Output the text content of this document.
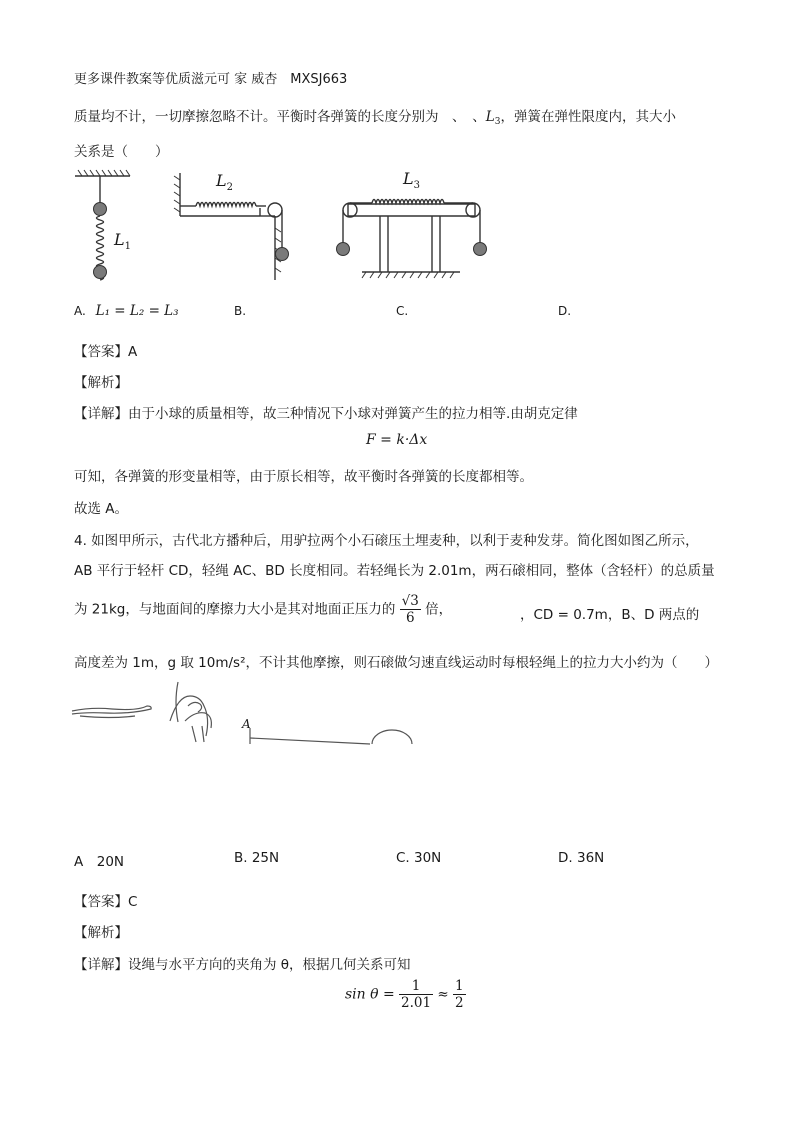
更多课件教案等优质滋元可 家 威杏　MXSJ663
质量均不计，一切摩擦忽略不计。平衡时各弹簧的长度分别为　、　、$L_3$，弹簧在弹性限度内，其大小
关系是（　　）
$L_1$
$L_2$	$L_3$
A. L₁ = L₂ = L₃	B.	C.	D.
【答案】A
【解析】
【详解】由于小球的质量相等，故三种情况下小球对弹簧产生的拉力相等.由胡克定律
F = k·Δx
可知，各弹簧的形变量相等，由于原长相等，故平衡时各弹簧的长度都相等。
故选 A。
4. 如图甲所示，古代北方播种后，用驴拉两个小石磙压土埋麦种，以利于麦种发芽。简化图如图乙所示，
AB 平行于轻杆 CD，轻绳 AC、BD 长度相同。若轻绳长为 2.01m，两石磙相同，整体（含轻杆）的总质量
为 21kg，与地面间的摩擦力大小是其对地面正压力的 $\frac{√3}{6}$ 倍，	，CD = 0.7m，B、D 两点的
高度差为 1m，g 取 10m/s²，不计其他摩擦，则石磙做匀速直线运动时每根轻绳上的拉力大小约为（　　）
A
A　20N	B. 25N	C. 30N	D. 36N
【答案】C
【解析】
【详解】设绳与水平方向的夹角为 θ，根据几何关系可知
$\sin \theta = \frac{1}{2.01} \approx \frac{1}{2}$
